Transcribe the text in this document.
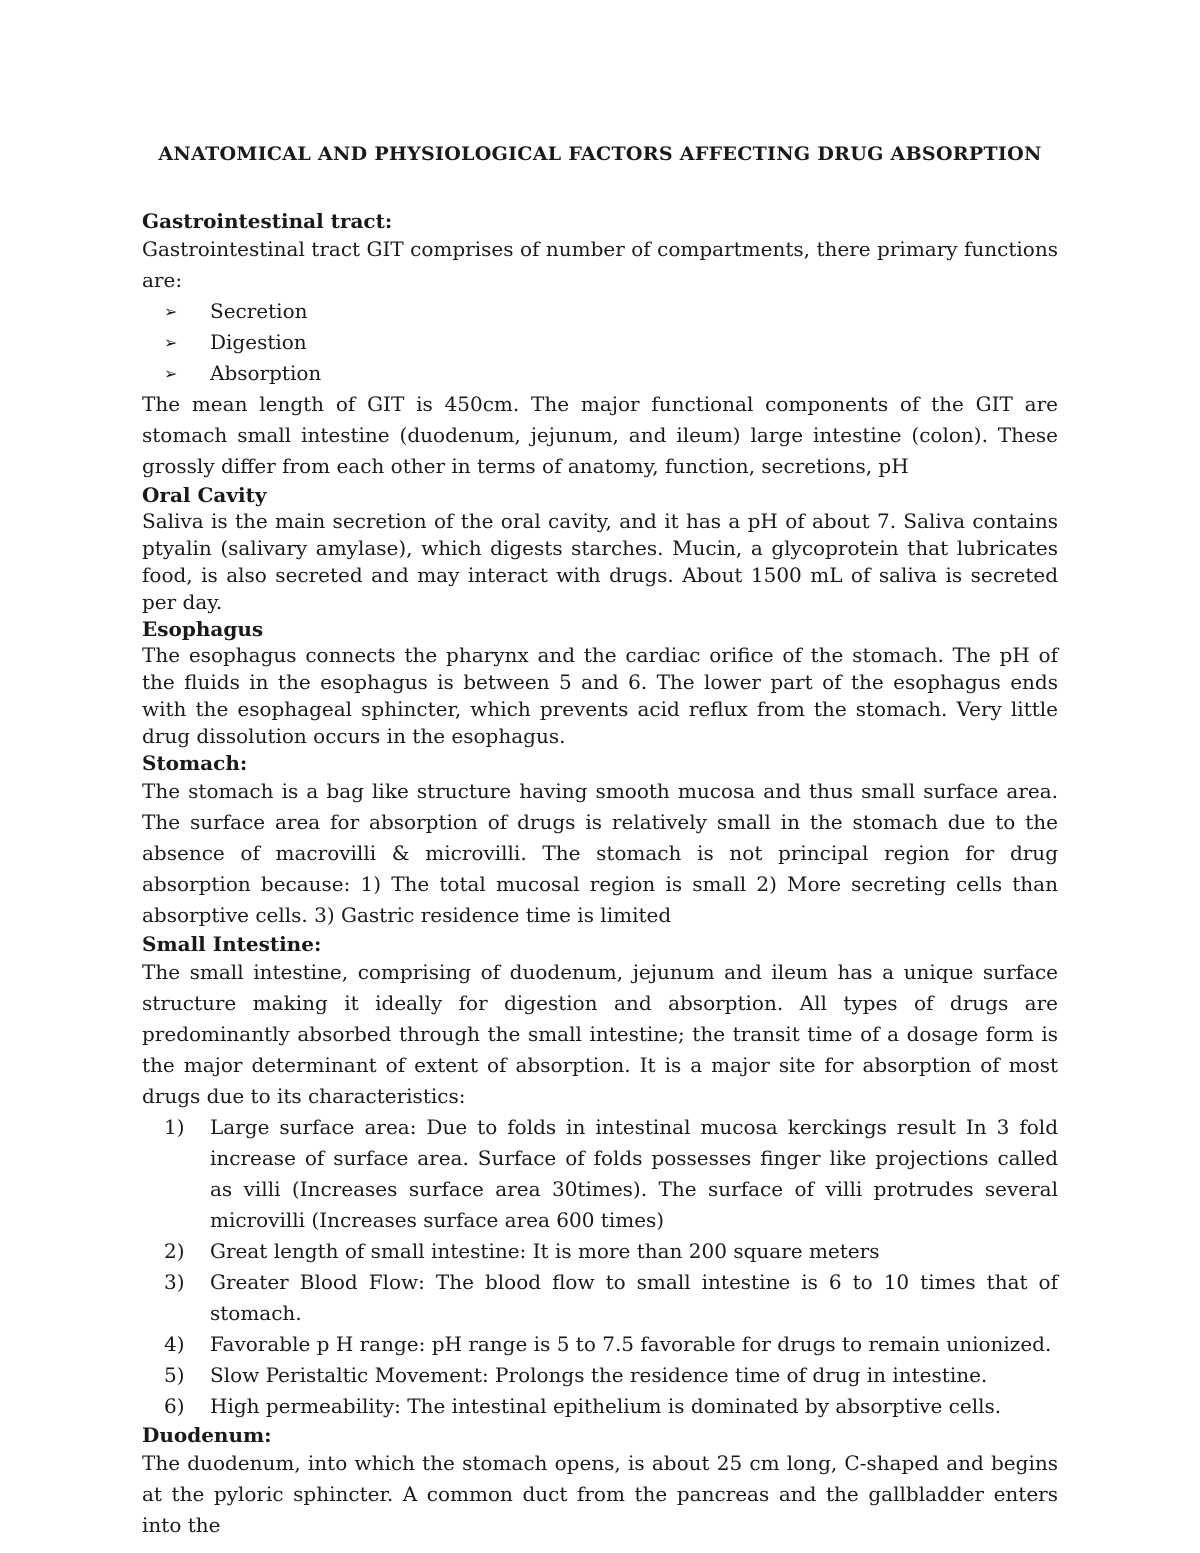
ANATOMICAL AND PHYSIOLOGICAL FACTORS AFFECTING DRUG ABSORPTION

Gastrointestinal tract:

Gastrointestinal tract GIT comprises of number of compartments, there primary functions are:

➢ Secretion
➢ Digestion
➢ Absorption

The mean length of GIT is 450cm. The major functional components of the GIT are stomach small intestine (duodenum, jejunum, and ileum) large intestine (colon). These grossly differ from each other in terms of anatomy, function, secretions, pH

Oral Cavity

Saliva is the main secretion of the oral cavity, and it has a pH of about 7. Saliva contains ptyalin (salivary amylase), which digests starches. Mucin, a glycoprotein that lubricates food, is also secreted and may interact with drugs. About 1500 mL of saliva is secreted per day.

Esophagus

The esophagus connects the pharynx and the cardiac orifice of the stomach. The pH of the fluids in the esophagus is between 5 and 6. The lower part of the esophagus ends with the esophageal sphincter, which prevents acid reflux from the stomach. Very little drug dissolution occurs in the esophagus.

Stomach:

The stomach is a bag like structure having smooth mucosa and thus small surface area. The surface area for absorption of drugs is relatively small in the stomach due to the absence of macrovilli & microvilli. The stomach is not principal region for drug absorption because: 1) The total mucosal region is small 2) More secreting cells than absorptive cells. 3) Gastric residence time is limited

Small Intestine:

The small intestine, comprising of duodenum, jejunum and ileum has a unique surface structure making it ideally for digestion and absorption. All types of drugs are predominantly absorbed through the small intestine; the transit time of a dosage form is the major determinant of extent of absorption. It is a major site for absorption of most drugs due to its characteristics:

1) Large surface area: Due to folds in intestinal mucosa kerckings result In 3 fold increase of surface area. Surface of folds possesses finger like projections called as villi (Increases surface area 30times). The surface of villi protrudes several microvilli (Increases surface area 600 times)
2) Great length of small intestine: It is more than 200 square meters
3) Greater Blood Flow: The blood flow to small intestine is 6 to 10 times that of stomach.
4) Favorable p H range: pH range is 5 to 7.5 favorable for drugs to remain unionized.
5) Slow Peristaltic Movement: Prolongs the residence time of drug in intestine.
6) High permeability: The intestinal epithelium is dominated by absorptive cells.

Duodenum:

The duodenum, into which the stomach opens, is about 25 cm long, C-shaped and begins at the pyloric sphincter. A common duct from the pancreas and the gallbladder enters into the
